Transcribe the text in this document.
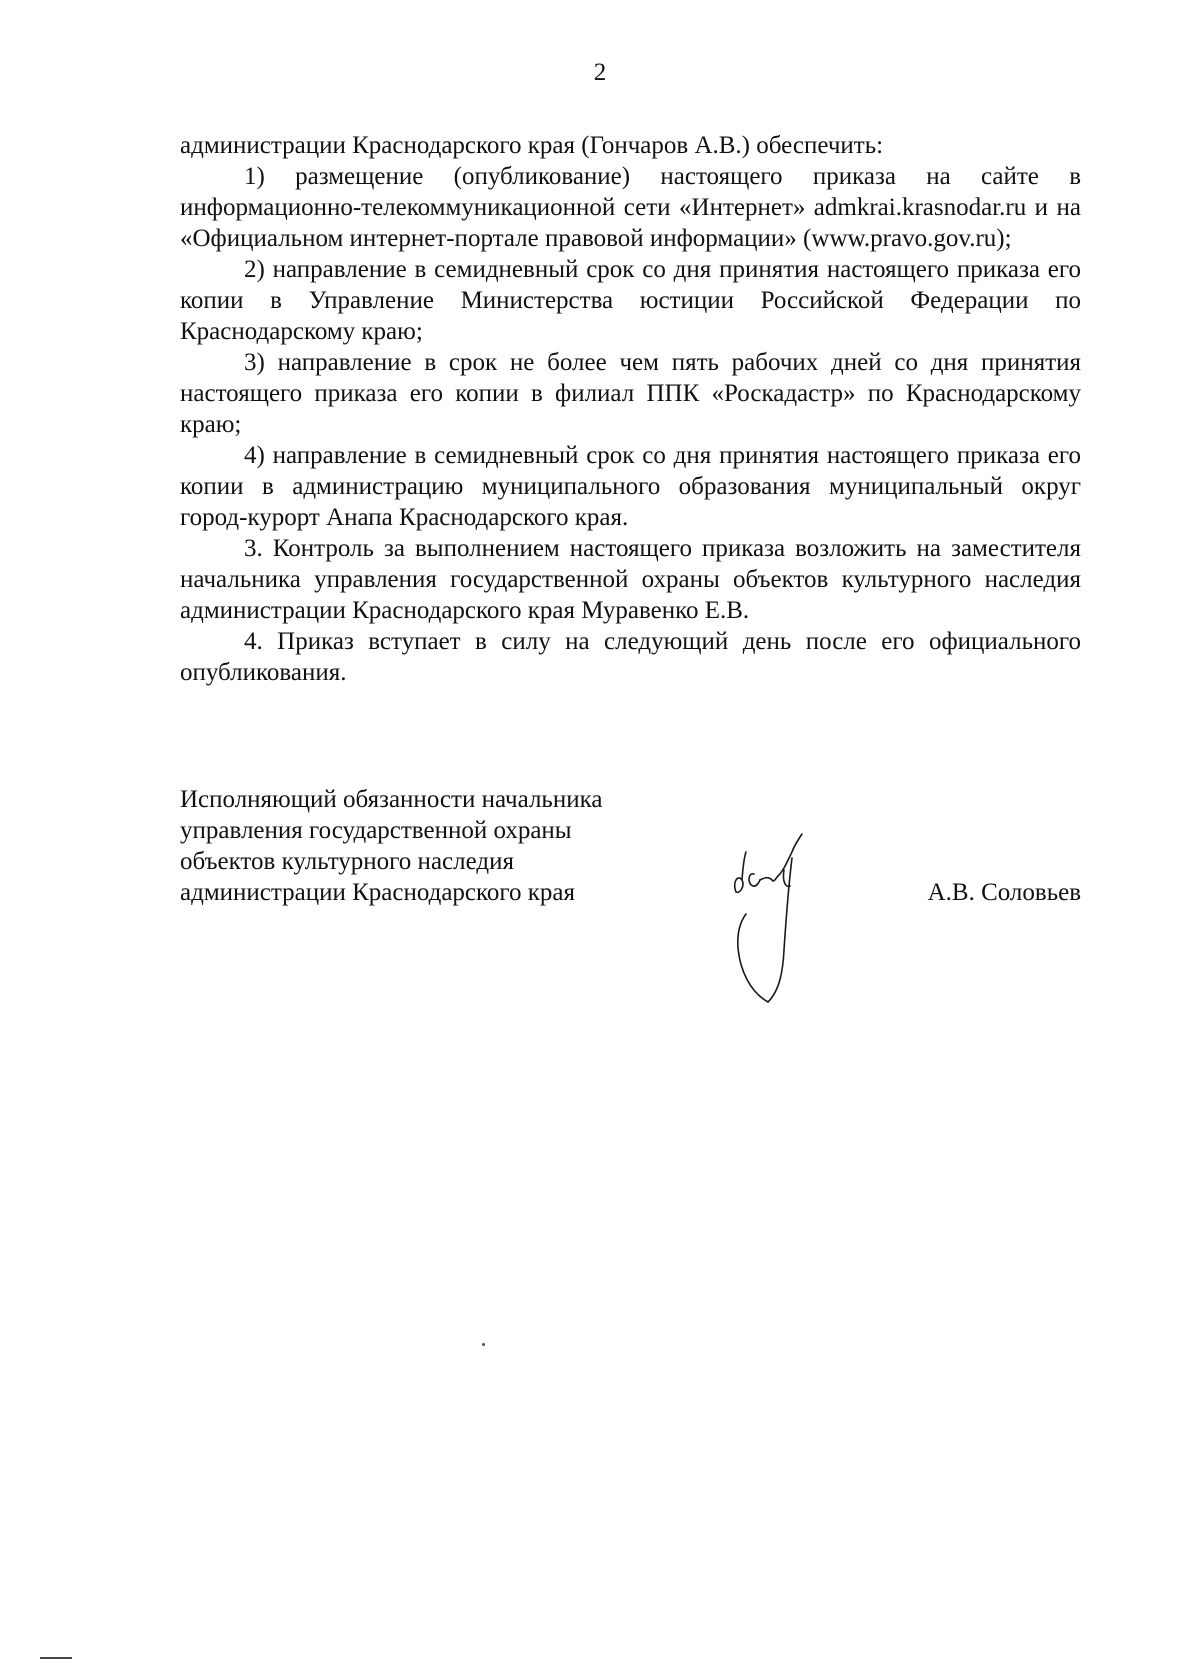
2

администрации Краснодарского края (Гончаров А.В.) обеспечить:

1) размещение (опубликование) настоящего приказа на сайте в информационно-телекоммуникационной сети «Интернет» admkrai.krasnodar.ru и на «Официальном интернет-портале правовой информации» (www.pravo.gov.ru);

2) направление в семидневный срок со дня принятия настоящего приказа его копии в Управление Министерства юстиции Российской Федерации по Краснодарскому краю;

3) направление в срок не более чем пять рабочих дней со дня принятия настоящего приказа его копии в филиал ППК «Роскадастр» по Краснодарскому краю;

4) направление в семидневный срок со дня принятия настоящего приказа его копии в администрацию муниципального образования муниципальный округ город-курорт Анапа Краснодарского края.

3. Контроль за выполнением настоящего приказа возложить на заместителя начальника управления государственной охраны объектов культурного наследия администрации Краснодарского края Муравенко Е.В.

4. Приказ вступает в силу на следующий день после его официального опубликования.

Исполняющий обязанности начальника
управления государственной охраны
объектов культурного наследия
администрации Краснодарского края	А.В. Соловьев
